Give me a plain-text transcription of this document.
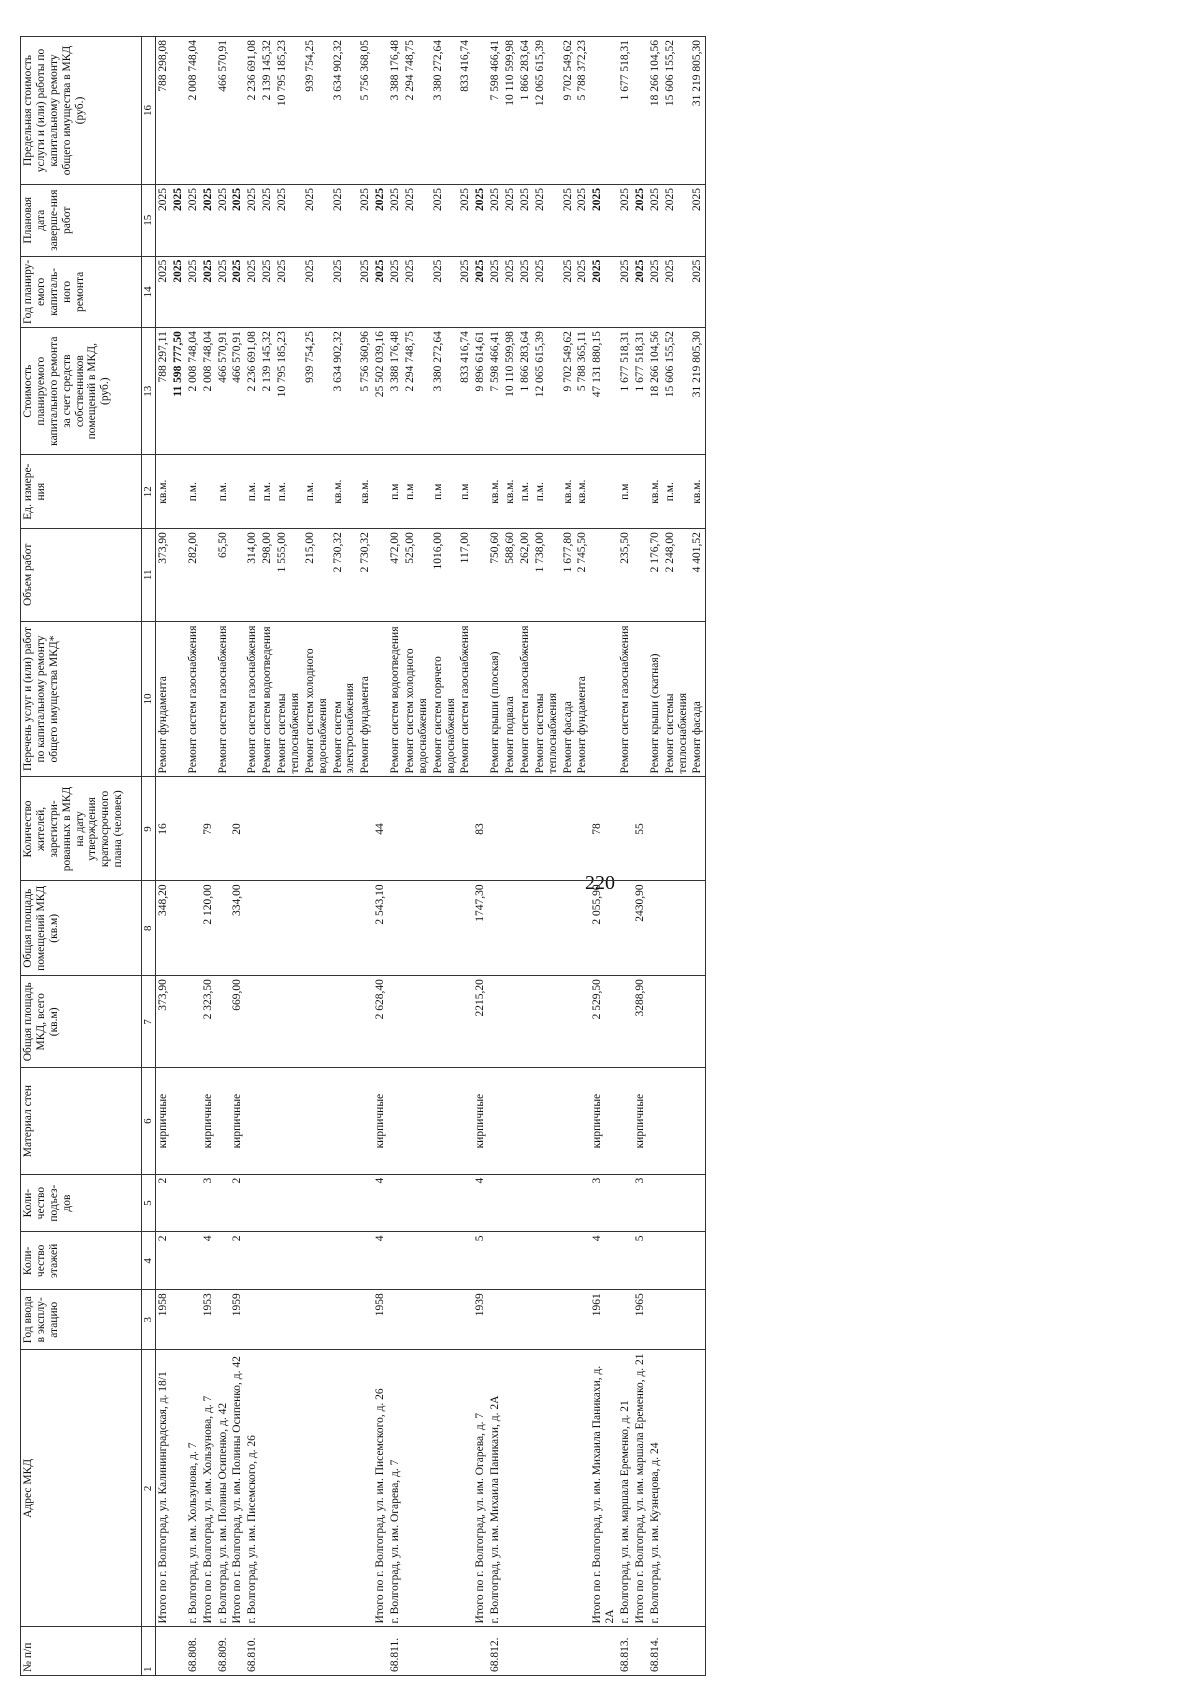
220
№ п/п	Адрес МКД	Год ввода в эксплу-атацию	Коли-чество этажей	Коли-чество подъез-дов	Материал стен	Общая площадь МКД, всего (кв.м)	Общая площадь помещений МКД (кв.м)	Количество жителей, зарегистри-рованных в МКД на дату утверждения краткосрочного плана (человек)	Перечень услуг и (или) работ по капитальному ремонту общего имущества МКД*	Объем работ	Ед. измере-ния	Стоимость планируемого капитального ремонта за счет средств собственников помещений в МКД, (руб.)	Год планиру-емого капиталь-ного ремонта	Плановая дата заверше-ния работ	Предельная стоимость услуги и (или) работы по капитальному ремонту общего имущества в МКД (руб.)
1	2	3	4	5	6	7	8	9	10	11	12	13	14	15	16
	Итого по г. Волгоград, ул. Калининградская, д. 18/1	1958	2	2	кирпичные	373,90	348,20	16	Ремонт фундамента	373,90	кв.м.	788 297,11	2025	2025	788 298,08
												11 598 777,50	2025	2025	
68.808.	г. Волгоград, ул. им. Хользунова, д. 7								Ремонт систем газоснабжения	282,00	п.м.	2 008 748,04	2025	2025	2 008 748,04
	Итого по г. Волгоград, ул. им. Хользунова, д. 7	1953	4	3	кирпичные	2 323,50	2 120,00	79				2 008 748,04	2025	2025	
68.809.	г. Волгоград, ул. им. Полины Осипенко, д. 42								Ремонт систем газоснабжения	65,50	п.м.	466 570,91	2025	2025	466 570,91
	Итого по г. Волгоград, ул. им. Полины Осипенко, д. 42	1959	2	2	кирпичные	669,00	334,00	20				466 570,91	2025	2025	
68.810.	г. Волгоград, ул. им. Писемского, д. 26								Ремонт систем газоснабжения	314,00	п.м.	2 236 691,08	2025	2025	2 236 691,08
									Ремонт систем водоотведения	298,00	п.м.	2 139 145,32	2025	2025	2 139 145,32
									Ремонт системы теплоснабжения	1 555,00	п.м.	10 795 185,23	2025	2025	10 795 185,23
									Ремонт систем холодного водоснабжения	215,00	п.м.	939 754,25	2025	2025	939 754,25
									Ремонт систем электроснабжения	2 730,32	кв.м.	3 634 902,32	2025	2025	3 634 902,32
									Ремонт фундамента	2 730,32	кв.м.	5 756 360,96	2025	2025	5 756 368,05
	Итого по г. Волгоград, ул. им. Писемского, д. 26	1958	4	4	кирпичные	2 628,40	2 543,10	44				25 502 039,16	2025	2025	
68.811.	г. Волгоград, ул. им. Огарева, д. 7								Ремонт систем водоотведения	472,00	п.м	3 388 176,48	2025	2025	3 388 176,48
									Ремонт систем холодного водоснабжения	525,00	п.м	2 294 748,75	2025	2025	2 294 748,75
									Ремонт систем горячего водоснабжения	1016,00	п.м	3 380 272,64	2025	2025	3 380 272,64
									Ремонт систем газоснабжения	117,00	п.м	833 416,74	2025	2025	833 416,74
	Итого по г. Волгоград, ул. им. Огарева, д. 7	1939	5	4	кирпичные	2215,20	1747,30	83				9 896 614,61	2025	2025	
68.812.	г. Волгоград, ул. им. Михаила Паникахи, д. 2А								Ремонт крыши (плоская)	750,60	кв.м.	7 598 466,41	2025	2025	7 598 466,41
									Ремонт подвала	588,60	кв.м.	10 110 599,98	2025	2025	10 110 599,98
									Ремонт систем газоснабжения	262,00	п.м.	1 866 283,64	2025	2025	1 866 283,64
									Ремонт системы теплоснабжения	1 738,00	п.м.	12 065 615,39	2025	2025	12 065 615,39
									Ремонт фасада	1 677,80	кв.м.	9 702 549,62	2025	2025	9 702 549,62
									Ремонт фундамента	2 745,50	кв.м.	5 788 365,11	2025	2025	5 788 372,23
	Итого по г. Волгоград, ул. им. Михаила Паникахи, д. 2А	1961	4	3	кирпичные	2 529,50	2 055,90	78				47 131 880,15	2025	2025	
68.813.	г. Волгоград, ул. им. маршала Еременко, д. 21								Ремонт систем газоснабжения	235,50	п.м	1 677 518,31	2025	2025	1 677 518,31
	Итого по г. Волгоград, ул. им. маршала Еременко, д. 21	1965	5	3	кирпичные	3288,90	2430,90	55				1 677 518,31	2025	2025	
68.814.	г. Волгоград, ул. им. Кузнецова, д. 24								Ремонт крыши (скатная)	2 176,70	кв.м.	18 266 104,56	2025	2025	18 266 104,56
									Ремонт системы теплоснабжения	2 248,00	п.м.	15 606 155,52	2025	2025	15 606 155,52
									Ремонт фасада	4 401,52	кв.м.	31 219 805,30	2025	2025	31 219 805,30
